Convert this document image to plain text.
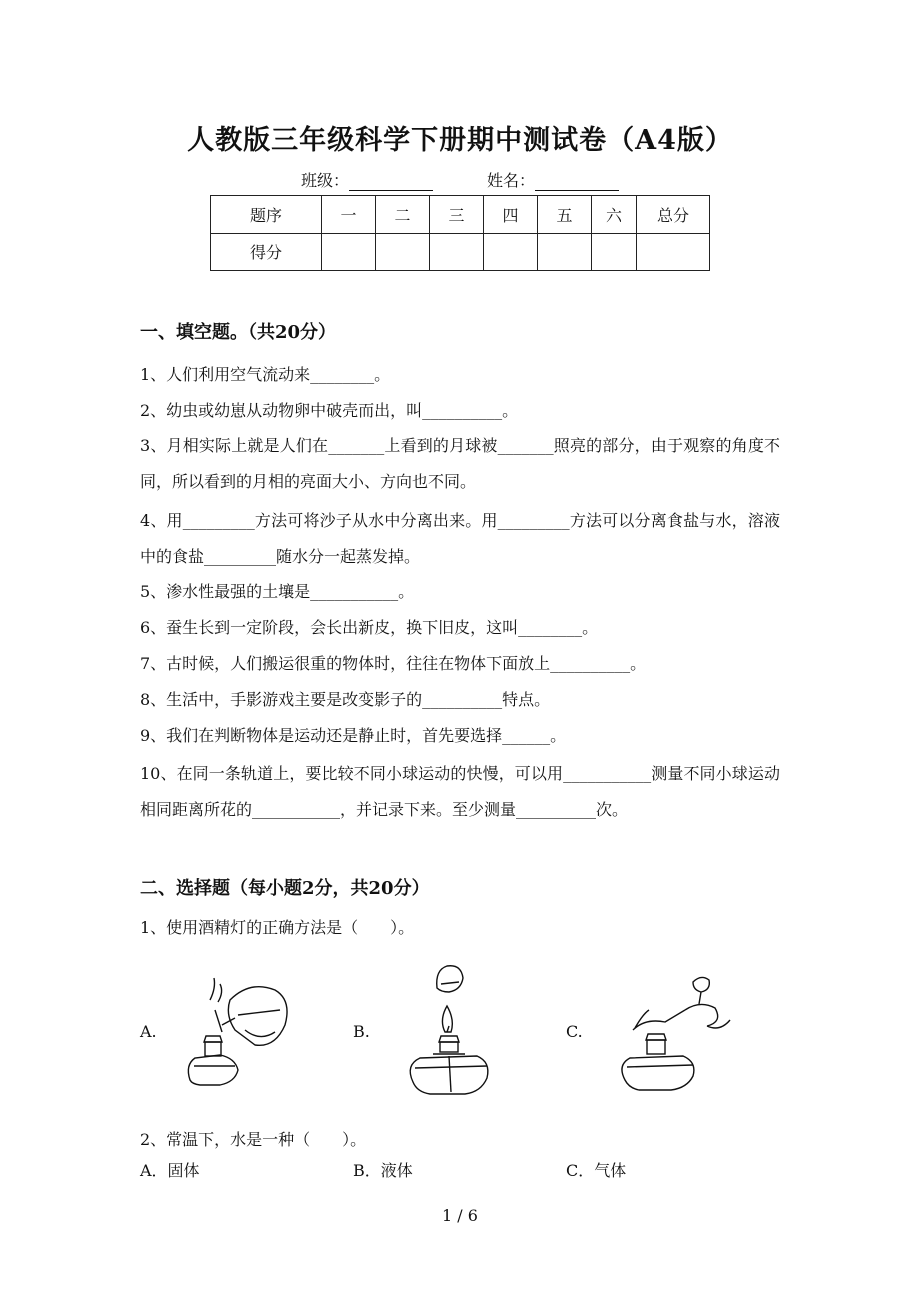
人教版三年级科学下册期中测试卷（A4版）
班级：	姓名：
题序	一	二	三	四	五	六	总分
得分							
一、填空题。（共20分）
1、人们利用空气流动来________。
2、幼虫或幼崽从动物卵中破壳而出，叫__________。
3、月相实际上就是人们在_______上看到的月球被_______照亮的部分，由于观察的角度不同，所以看到的月相的亮面大小、方向也不同。
4、用_________方法可将沙子从水中分离出来。用_________方法可以分离食盐与水，溶液中的食盐_________随水分一起蒸发掉。
5、渗水性最强的土壤是___________。
6、蚕生长到一定阶段，会长出新皮，换下旧皮，这叫________。
7、古时候，人们搬运很重的物体时，往往在物体下面放上__________。
8、生活中，手影游戏主要是改变影子的__________特点。
9、我们在判断物体是运动还是静止时，首先要选择______。
10、在同一条轨道上，要比较不同小球运动的快慢，可以用___________测量不同小球运动相同距离所花的___________，并记录下来。至少测量__________次。
二、选择题（每小题2分，共20分）
1、使用酒精灯的正确方法是（　　）。
A.	B.	C.
2、常温下，水是一种（　　）。
A．固体	B．液体	C．气体
1 / 6
